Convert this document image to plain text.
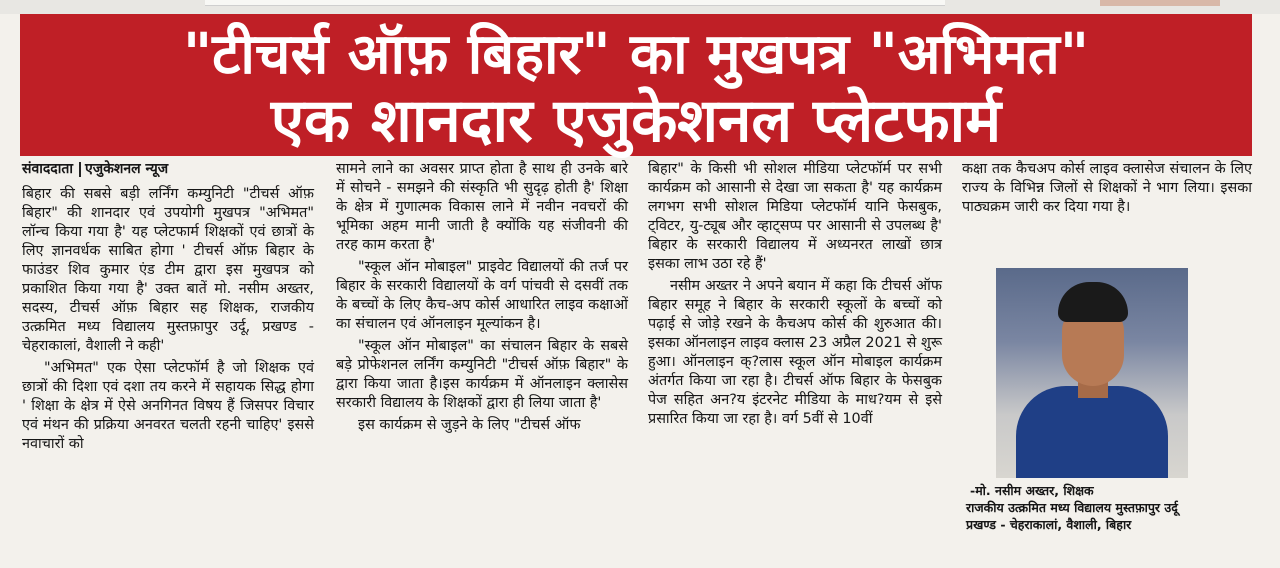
"टीचर्स ऑफ़ बिहार" का मुखपत्र "अभिमत"
एक शानदार एजुकेशनल प्लेटफार्म
संवाददाता एजुकेशनल न्यूज

बिहार की सबसे बड़ी लर्निंग कम्युनिटी "टीचर्स ऑफ़ बिहार" की शानदार एवं उपयोगी मुखपत्र "अभिमत" लॉन्च किया गया है' यह प्लेटफार्म शिक्षकों एवं छात्रों के लिए ज्ञानवर्धक साबित होगा ' टीचर्स ऑफ़ बिहार के फाउंडर शिव कुमार एंड टीम द्वारा इस मुखपत्र को प्रकाशित किया गया है' उक्त बातें मो. नसीम अख्तर, सदस्य, टीचर्स ऑफ़ बिहार सह शिक्षक, राजकीय उत्क्रमित मध्य विद्यालय मुस्तफ़ापुर उर्दू, प्रखण्ड - चेहराकालां, वैशाली ने कही'

"अभिमत" एक ऐसा प्लेटफॉर्म है जो शिक्षक एवं छात्रों की दिशा एवं दशा तय करने में सहायक सिद्ध होगा ' शिक्षा के क्षेत्र में ऐसे अनगिनत विषय हैं जिसपर विचार एवं मंथन की प्रक्रिया अनवरत चलती रहनी चाहिए' इससे नवाचारों को

सामने लाने का अवसर प्राप्त होता है साथ ही उनके बारे में सोचने - समझने की संस्कृति भी सुदृढ़ होती है' शिक्षा के क्षेत्र में गुणात्मक विकास लाने में नवीन नवचरों की भूमिका अहम मानी जाती है क्योंकि यह संजीवनी की तरह काम करता है'

"स्कूल ऑन मोबाइल" प्राइवेट विद्यालयों की तर्ज पर बिहार के सरकारी विद्यालयों के वर्ग पांचवी से दसवीं तक के बच्चों के लिए कैच-अप कोर्स आधारित लाइव कक्षाओं का संचालन एवं ऑनलाइन मूल्यांकन है।

"स्कूल ऑन मोबाइल" का संचालन बिहार के सबसे बड़े प्रोफेशनल लर्निंग कम्युनिटी "टीचर्स ऑफ़ बिहार" के द्वारा किया जाता है।इस कार्यक्रम में ऑनलाइन क्लासेस सरकारी विद्यालय के शिक्षकों द्वारा ही लिया जाता है'

इस कार्यक्रम से जुड़ने के लिए "टीचर्स ऑफ

बिहार" के किसी भी सोशल मीडिया प्लेटफॉर्म पर सभी कार्यक्रम को आसानी से देखा जा सकता है' यह कार्यक्रम लगभग सभी सोशल मिडिया प्लेटफॉर्म यानि फेसबुक, ट्विटर, यु-ट्यूब और व्हाट्सप्प पर आसानी से उपलब्ध है' बिहार के सरकारी विद्यालय में अध्यनरत लाखों छात्र इसका लाभ उठा रहे हैं'

नसीम अख्तर ने अपने बयान में कहा कि टीचर्स ऑफ बिहार समूह ने बिहार के सरकारी स्कूलों के बच्चों को पढ़ाई से जोड़े रखने के कैचअप कोर्स की शुरुआत की। इसका ऑनलाइन लाइव क्लास 23 अप्रैल 2021 से शुरू हुआ। ऑनलाइन क्?लास स्कूल ऑन मोबाइल कार्यक्रम अंतर्गत किया जा रहा है। टीचर्स ऑफ बिहार के फेसबुक पेज सहित अन?य इंटरनेट मीडिया के माध?यम से इसे प्रसारित किया जा रहा है। वर्ग 5वीं से 10वीं

कक्षा तक कैचअप कोर्स लाइव क्लासेज संचालन के लिए राज्य के विभिन्न जिलों से शिक्षकों ने भाग लिया। इसका पाठ्यक्रम जारी कर दिया गया है।

-मो. नसीम अख्तर, शिक्षक
राजकीय उत्क्रमित मध्य विद्यालय मुस्तफ़ापुर उर्दू
प्रखण्ड - चेहराकालां, वैशाली, बिहार
